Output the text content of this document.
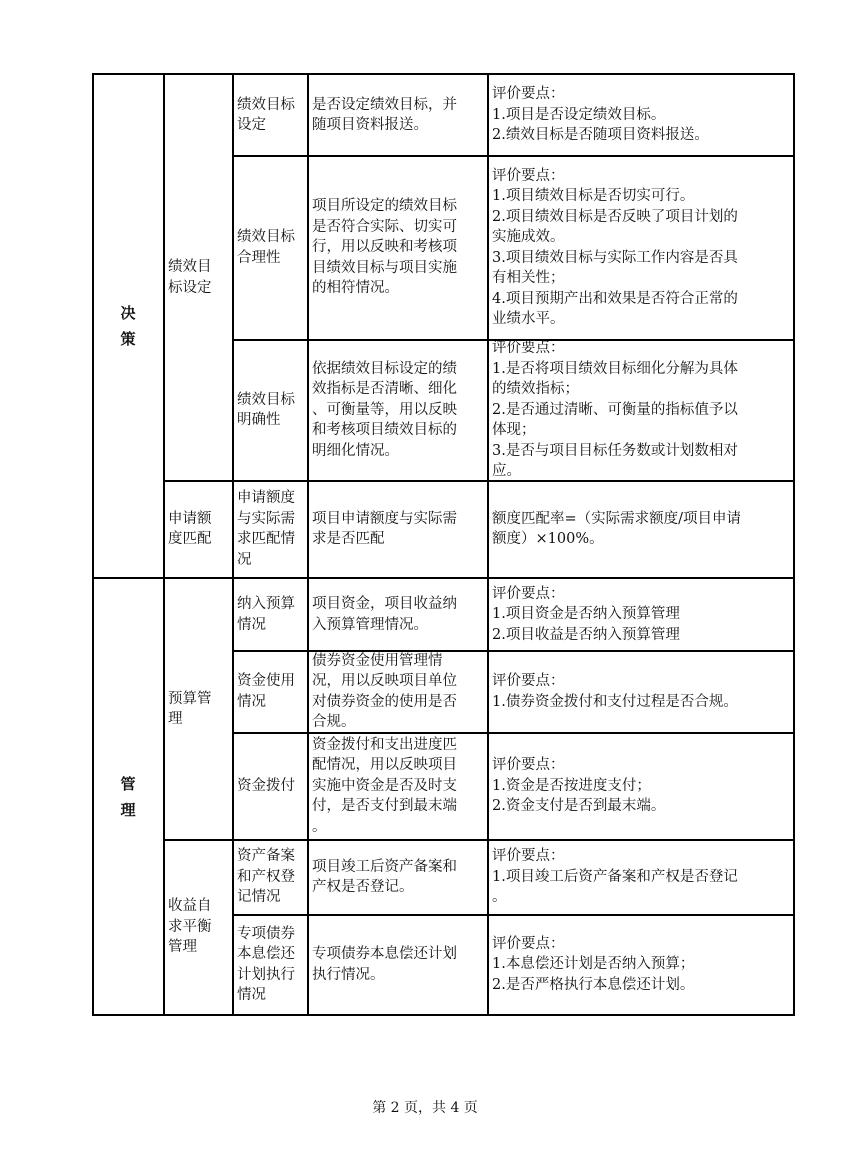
决
策
管
理
绩效目
标设定
申请额
度匹配
预算管
理
收益自
求平衡
管理
绩效目标
设定
是否设定绩效目标，并
随项目资料报送。
评价要点：
1.项目是否设定绩效目标。
2.绩效目标是否随项目资料报送。
绩效目标
合理性
项目所设定的绩效目标
是否符合实际、切实可
行，用以反映和考核项
目绩效目标与项目实施
的相符情况。
评价要点：
1.项目绩效目标是否切实可行。
2.项目绩效目标是否反映了项目计划的
实施成效。
3.项目绩效目标与实际工作内容是否具
有相关性；
4.项目预期产出和效果是否符合正常的
业绩水平。
绩效目标
明确性
依据绩效目标设定的绩
效指标是否清晰、细化
、可衡量等，用以反映
和考核项目绩效目标的
明细化情况。
评价要点：
1.是否将项目绩效目标细化分解为具体
的绩效指标；
2.是否通过清晰、可衡量的指标值予以
体现；
3.是否与项目目标任务数或计划数相对
应。
申请额度
与实际需
求匹配情
况
项目申请额度与实际需
求是否匹配
额度匹配率=（实际需求额度/项目申请
额度）×100%。
纳入预算
情况
项目资金，项目收益纳
入预算管理情况。
评价要点：
1.项目资金是否纳入预算管理
2.项目收益是否纳入预算管理
资金使用
情况
债券资金使用管理情
况，用以反映项目单位
对债券资金的使用是否
合规。
评价要点：
1.债券资金拨付和支付过程是否合规。
资金拨付
资金拨付和支出进度匹
配情况，用以反映项目
实施中资金是否及时支
付，是否支付到最末端
。
评价要点：
1.资金是否按进度支付；
2.资金支付是否到最末端。
资产备案
和产权登
记情况
项目竣工后资产备案和
产权是否登记。
评价要点：
1.项目竣工后资产备案和产权是否登记
。
专项债券
本息偿还
计划执行
情况
专项债券本息偿还计划
执行情况。
评价要点：
1.本息偿还计划是否纳入预算；
2.是否严格执行本息偿还计划。
第 2 页，共 4 页
